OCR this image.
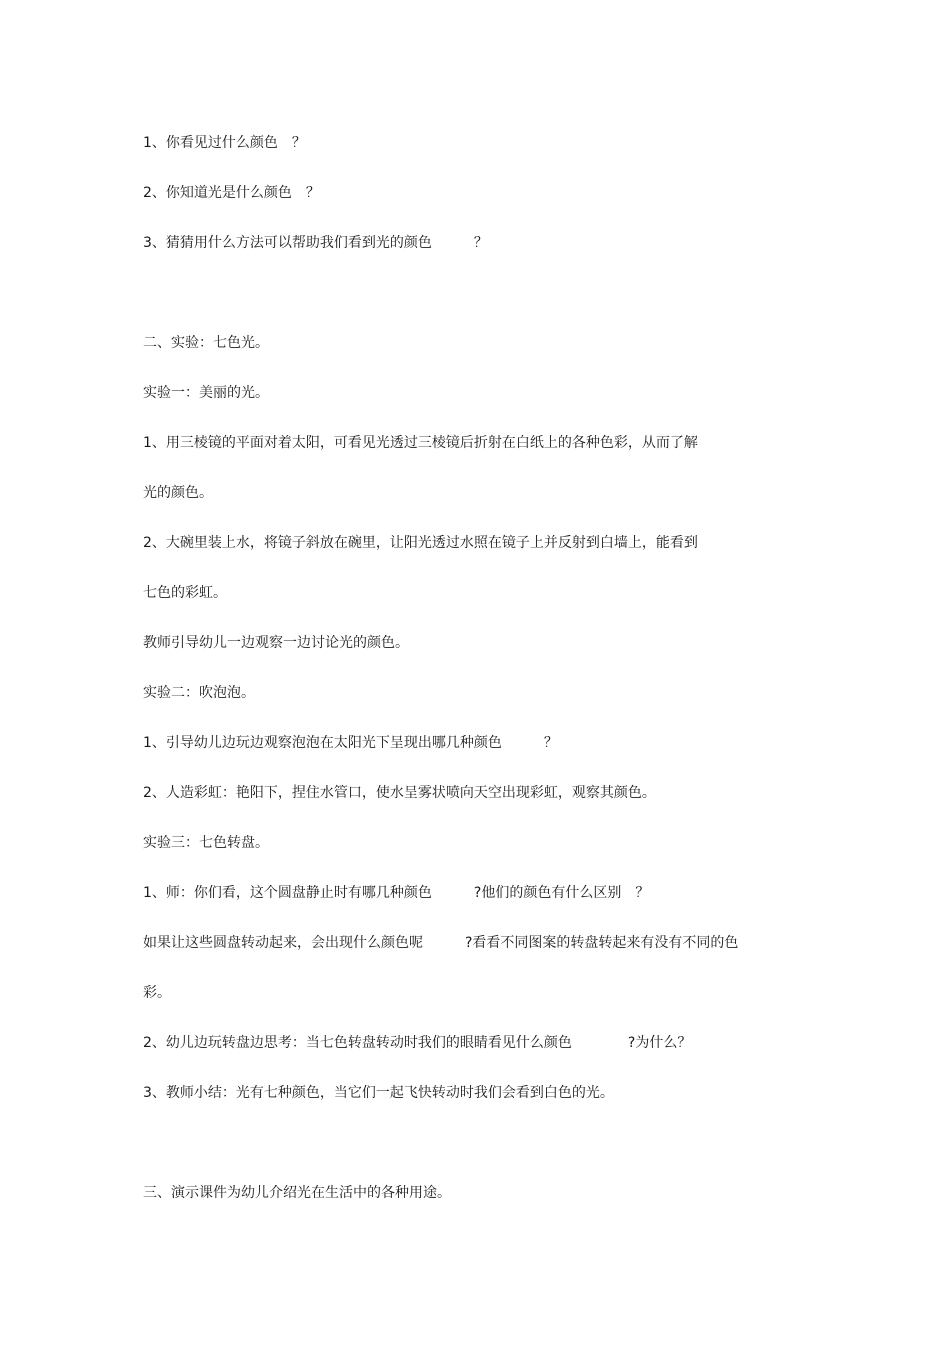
1、你看见过什么颜色　？

2、你知道光是什么颜色　？

3、猜猜用什么方法可以帮助我们看到光的颜色　　　？

二、实验：七色光。

实验一：美丽的光。

1、用三棱镜的平面对着太阳，可看见光透过三棱镜后折射在白纸上的各种色彩，从而了解

光的颜色。

2、大碗里装上水，将镜子斜放在碗里，让阳光透过水照在镜子上并反射到白墙上，能看到

七色的彩虹。

教师引导幼儿一边观察一边讨论光的颜色。

实验二：吹泡泡。

1、引导幼儿边玩边观察泡泡在太阳光下呈现出哪几种颜色　　　？

2、人造彩虹：艳阳下，捏住水管口，使水呈雾状喷向天空出现彩虹，观察其颜色。

实验三：七色转盘。

1、师：你们看，这个圆盘静止时有哪几种颜色　　　?他们的颜色有什么区别　？

如果让这些圆盘转动起来，会出现什么颜色呢　　　?看看不同图案的转盘转起来有没有不同的色

彩。

2、幼儿边玩转盘边思考：当七色转盘转动时我们的眼睛看见什么颜色　　　　?为什么？

3、教师小结：光有七种颜色，当它们一起飞快转动时我们会看到白色的光。

三、演示课件为幼儿介绍光在生活中的各种用途。
